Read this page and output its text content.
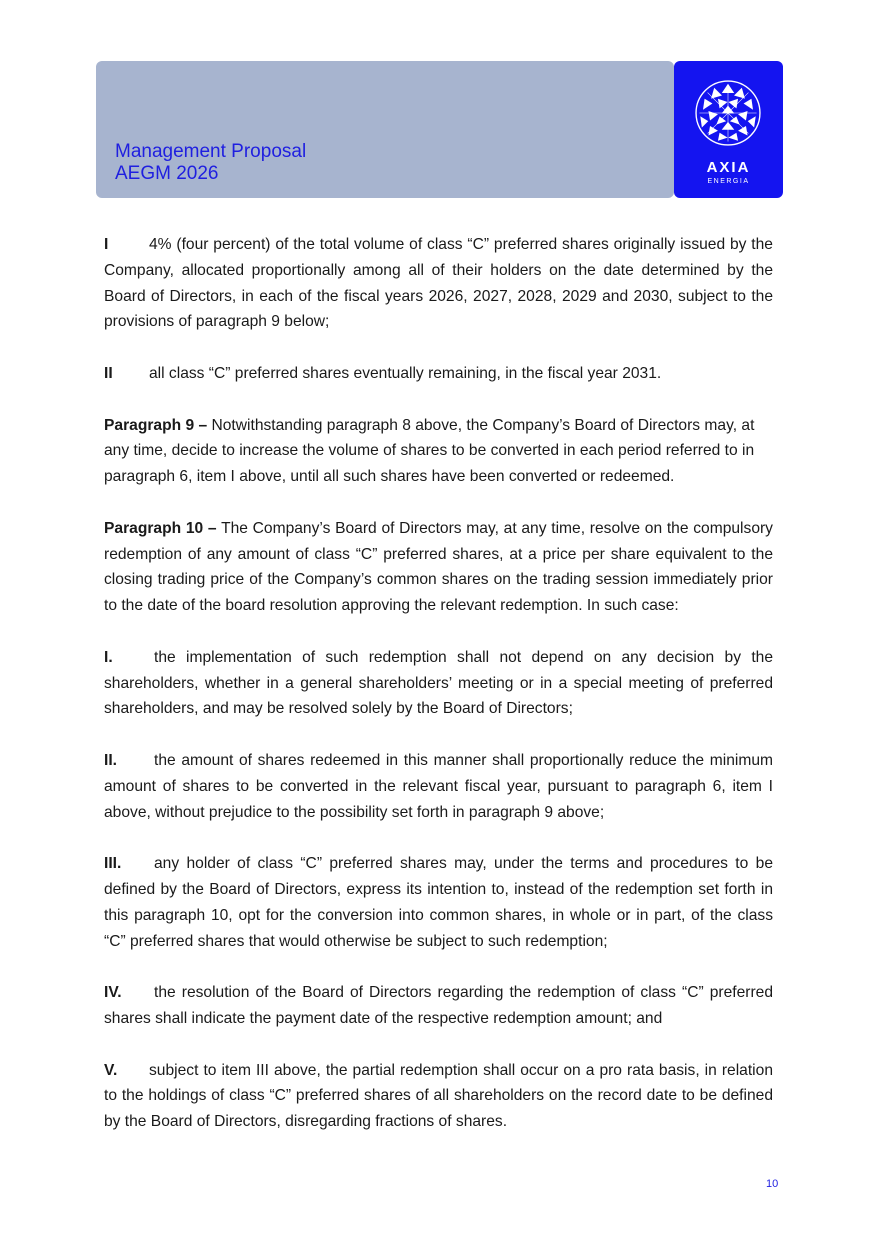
Management Proposal
AEGM 2026	AXIA
ENERGIA

I	4% (four percent) of the total volume of class “C” preferred shares originally issued by the Company, allocated proportionally among all of their holders on the date determined by the Board of Directors, in each of the fiscal years 2026, 2027, 2028, 2029 and 2030, subject to the provisions of paragraph 9 below;

II all class “C” preferred shares eventually remaining, in the fiscal year 2031.

Paragraph 9 – Notwithstanding paragraph 8 above, the Company’s Board of Directors may, at any time, decide to increase the volume of shares to be converted in each period referred to in paragraph 6, item I above, until all such shares have been converted or redeemed.

Paragraph 10 – The Company’s Board of Directors may, at any time, resolve on the compulsory redemption of any amount of class “C” preferred shares, at a price per share equivalent to the closing trading price of the Company’s common shares on the trading session immediately prior to the date of the board resolution approving the relevant redemption. In such case:

I.	the implementation of such redemption shall not depend on any decision by the shareholders, whether in a general shareholders’ meeting or in a special meeting of preferred shareholders, and may be resolved solely by the Board of Directors;

II. the amount of shares redeemed in this manner shall proportionally reduce the minimum amount of shares to be converted in the relevant fiscal year, pursuant to paragraph 6, item I above, without prejudice to the possibility set forth in paragraph 9 above;

III. any holder of class “C” preferred shares may, under the terms and procedures to be defined by the Board of Directors, express its intention to, instead of the redemption set forth in this paragraph 10, opt for the conversion into common shares, in whole or in part, of the class “C” preferred shares that would otherwise be subject to such redemption;

IV. the resolution of the Board of Directors regarding the redemption of class “C” preferred shares shall indicate the payment date of the respective redemption amount; and

V. subject to item III above, the partial redemption shall occur on a pro rata basis, in relation to the holdings of class “C” preferred shares of all shareholders on the record date to be defined by the Board of Directors, disregarding fractions of shares.

10
